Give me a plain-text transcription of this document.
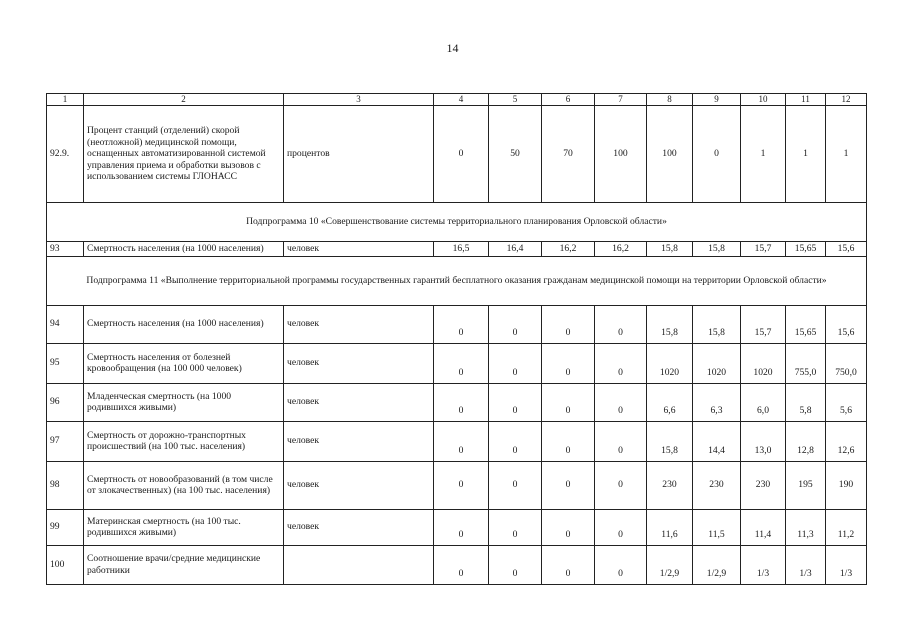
14
1	2	3	4	5	6	7	8	9	10	11	12
92.9.	Процент станций (отделений) скорой (неотложной) медицинской помощи, оснащенных автоматизированной системой управления приема и обработки вызовов с использованием системы ГЛОНАСС	процентов	0	50	70	100	100	0	1	1	1
Подпрограмма 10 «Совершенствование системы территориального планирования Орловской области»											
93	Смертность населения (на 1000 населения)	человек	16,5	16,4	16,2	16,2	15,8	15,8	15,7	15,65	15,6
Подпрограмма 11 «Выполнение территориальной программы государственных гарантий бесплатного оказания гражданам медицинской помощи на территории Орловской области»											
94	Смертность населения (на 1000 населения)	человек	0	0	0	0	15,8	15,8	15,7	15,65	15,6
95	Смертность населения от болезней кровообращения (на 100 000 человек)	человек	0	0	0	0	1020	1020	1020	755,0	750,0
96	Младенческая смертность (на 1000 родившихся живыми)	человек	0	0	0	0	6,6	6,3	6,0	5,8	5,6
97	Смертность от дорожно-транспортных происшествий (на 100 тыс. населения)	человек	0	0	0	0	15,8	14,4	13,0	12,8	12,6
98	Смертность от новообразований (в том числе от злокачественных) (на 100 тыс. населения)	человек	0	0	0	0	230	230	230	195	190
99	Материнская смертность (на 100 тыс. родившихся живыми)	человек	0	0	0	0	11,6	11,5	11,4	11,3	11,2
100	Соотношение врачи/средние медицинские работники		0	0	0	0	1/2,9	1/2,9	1/3	1/3	1/3
